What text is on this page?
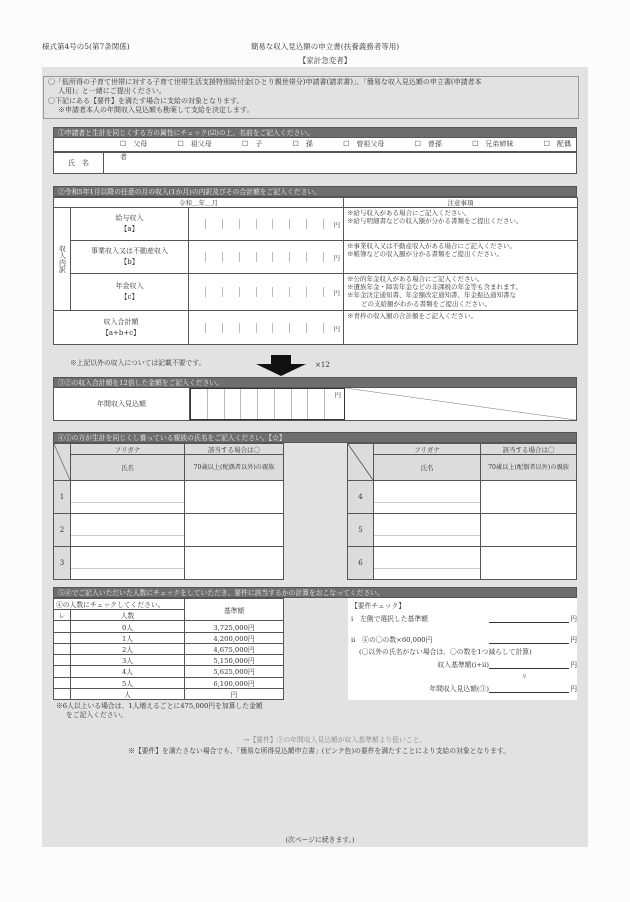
様式第4号の5(第7条関係)	簡易な収入見込額の申立書(扶養義務者等用)
【家計急変者】
〇「低所得の子育て世帯に対する子育て世帯生活支援特別給付金(ひとり親世帯分)申請書(請求書)」、「簡易な収入見込額の申立書(申請者本
人用)」と一緒にご提出ください。
〇下記にある【要件】を満たす場合に支給の対象となります。
※申請者本人の年間収入見込額も勘案して支給を決定します。
①申請者と生計を同じくする方の属性にチェック(☑)の上、名前をご記入ください。
☐　父母	☐　祖父母	☐　子	☐　孫	☐　曾祖父母	☐　曾孫	☐　兄弟姉妹	☐　配偶者
氏　名
②令和5年1月以降の任意の月の収入(1か月)の内訳及びその合計額をご記入ください。
令和＿年＿月			注意事項
収入内訳	
給与収入
【a】	円

※給与収入がある場合にご記入ください。
※給与明細書などの収入額が分かる書類をご提出ください。

事業収入又は不動産収入
【b】	円

※事業収入又は不動産収入がある場合にご記入ください。
※帳簿などの収入額が分かる書類をご提出ください。

年金収入
【c】	円

※公的年金収入がある場合にご記入ください。
※遺族年金・障害年金などの非課税の年金等も含まれます。
※年金決定通知書、年金額改定通知書、年金振込通知書な
どの支給額がわかる書類をご提出ください。

収入合計額
【a+b+c】		円	※青枠の収入額の合計額をご記入ください。
※上記以外の収入については記載不要です。	×12
③②の収入合計額を12倍した金額をご記入ください。
年間収入見込額
円
④①の方が生計を同じくし養っている親族の氏名をご記入ください。【☆】
	フリガナ	該当する場合は〇
	氏名	70歳以上(配偶者以外)の親族
1	

2	

3	

	フリガナ	該当する場合は〇
	氏名	70歳以上(配偶者以外)の親族
4	

5	

6	

⑤④でご記入いただいた人数にチェックをしていただき、要件に該当するかの計算をおこなってください。
④の人数にチェックしてください。		基準額
レ	人数	
	0人	3,725,000円
	1人	4,200,000円
	2人	4,675,000円
	3人	5,150,000円
	4人	5,625,000円
	5人	6,100,000円
	人	円
【要件チェック】
i　左側で選択した基準額	円
ii　④の〇の数×60,000円	円
(〇以外の氏名がない場合は、〇の数を1つ減らして計算)
収入基準額(i+ii)	円
∨
年間収入見込額(③)	円
※6人以上いる場合は、1人増えるごとに475,000円を加算した金額
をご記入ください。
→【要件】③の年間収入見込額が収入基準額より低いこと。
※【要件】を満たさない場合でも、「簡易な所得見込額申立書」(ピンク色)の要件を満たすことにより支給の対象となります。
(次ページに続きます。)
